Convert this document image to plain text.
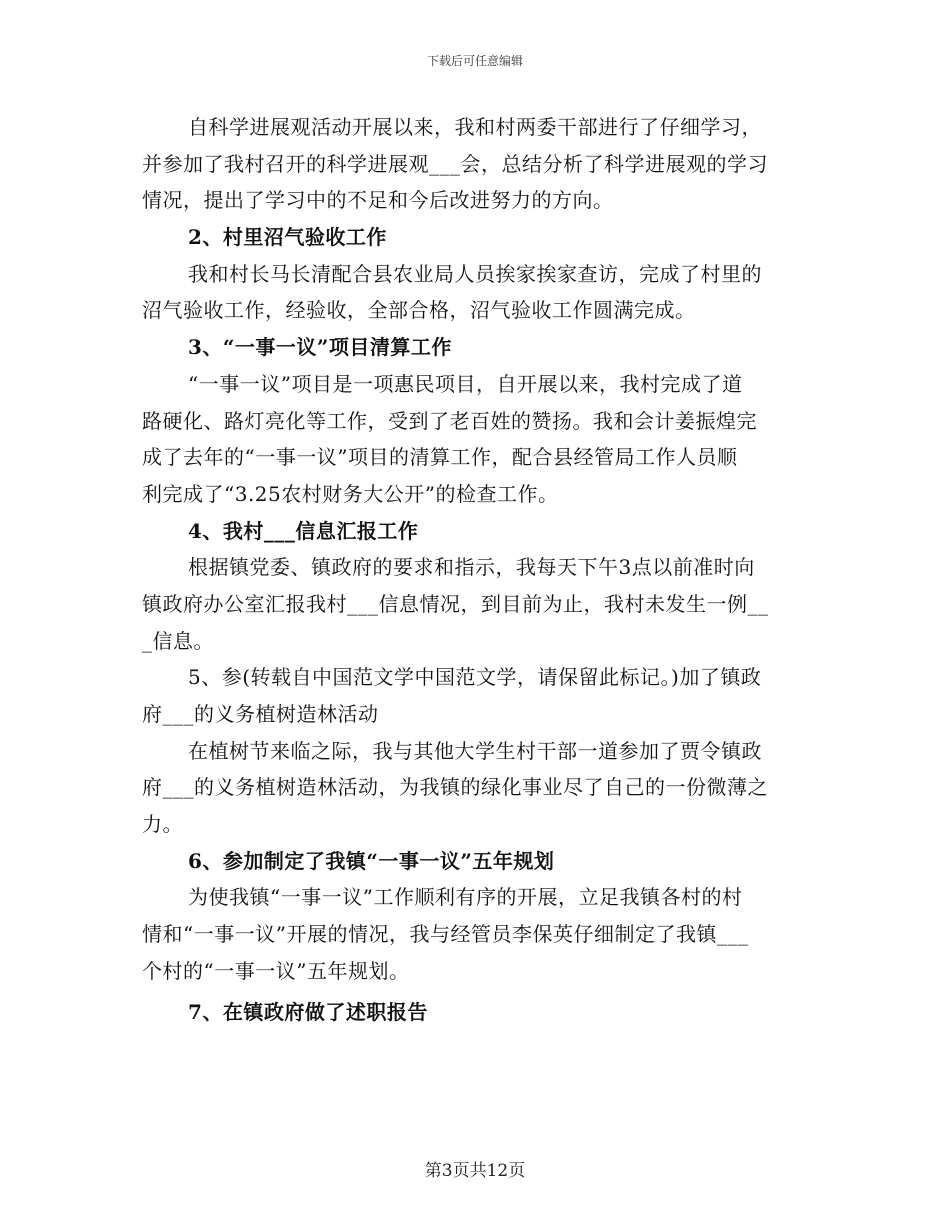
下载后可任意编辑
自科学进展观活动开展以来，我和村两委干部进行了仔细学习，
并参加了我村召开的科学进展观___会，总结分析了科学进展观的学习
情况，提出了学习中的不足和今后改进努力的方向。
2、村里沼气验收工作
我和村长马长清配合县农业局人员挨家挨家查访，完成了村里的
沼气验收工作，经验收，全部合格，沼气验收工作圆满完成。
3、“一事一议”项目清算工作
“一事一议”项目是一项惠民项目，自开展以来，我村完成了道
路硬化、路灯亮化等工作，受到了老百姓的赞扬。我和会计姜振煌完
成了去年的“一事一议”项目的清算工作，配合县经管局工作人员顺
利完成了“3.25农村财务大公开”的检查工作。
4、我村___信息汇报工作
根据镇党委、镇政府的要求和指示，我每天下午3点以前准时向
镇政府办公室汇报我村___信息情况，到目前为止，我村未发生一例__
_信息。
5、参(转载自中国范文学中国范文学，请保留此标记。)加了镇政
府___的义务植树造林活动
在植树节来临之际，我与其他大学生村干部一道参加了贾令镇政
府___的义务植树造林活动，为我镇的绿化事业尽了自己的一份微薄之
力。
6、参加制定了我镇“一事一议”五年规划
为使我镇“一事一议”工作顺利有序的开展，立足我镇各村的村
情和“一事一议”开展的情况，我与经管员李保英仔细制定了我镇___
个村的“一事一议”五年规划。
7、在镇政府做了述职报告
第3页共12页
